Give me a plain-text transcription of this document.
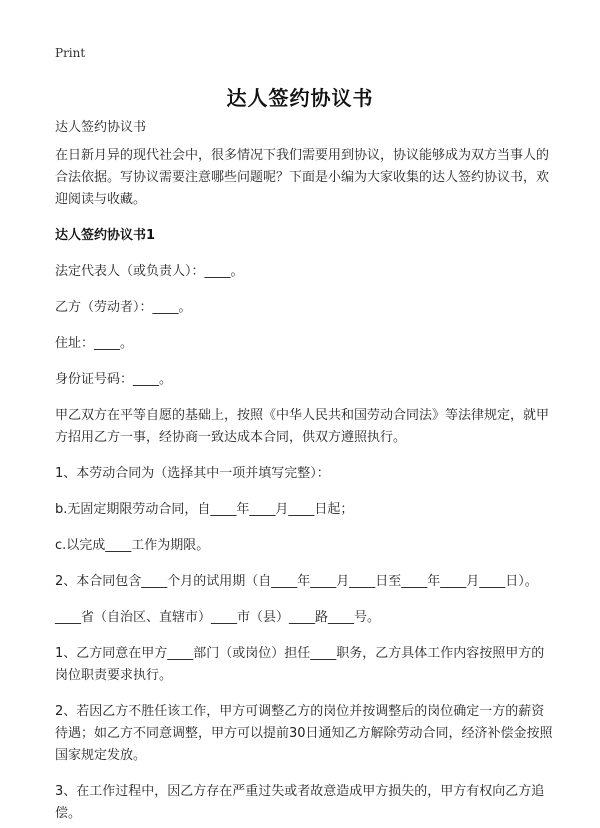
Print
达人签约协议书

达人签约协议书

在日新月异的现代社会中，很多情况下我们需要用到协议，协议能够成为双方当事人的合法依据。写协议需要注意哪些问题呢？下面是小编为大家收集的达人签约协议书，欢迎阅读与收藏。

达人签约协议书1

法定代表人（或负责人）：____。

乙方（劳动者）：____。

住址：____。

身份证号码：____。

甲乙双方在平等自愿的基础上，按照《中华人民共和国劳动合同法》等法律规定，就甲方招用乙方一事，经协商一致达成本合同，供双方遵照执行。

1、本劳动合同为（选择其中一项并填写完整）：

b.无固定期限劳动合同，自____年____月____日起；

c.以完成____工作为期限。

2、本合同包含____个月的试用期（自____年____月____日至____年____月____日）。

____省（自治区、直辖市）____市（县）____路____号。

1、乙方同意在甲方____部门（或岗位）担任____职务，乙方具体工作内容按照甲方的岗位职责要求执行。

2、若因乙方不胜任该工作，甲方可调整乙方的岗位并按调整后的岗位确定一方的薪资待遇；如乙方不同意调整，甲方可以提前30日通知乙方解除劳动合同，经济补偿金按照国家规定发放。

3、在工作过程中，因乙方存在严重过失或者故意造成甲方损失的，甲方有权向乙方追偿。
